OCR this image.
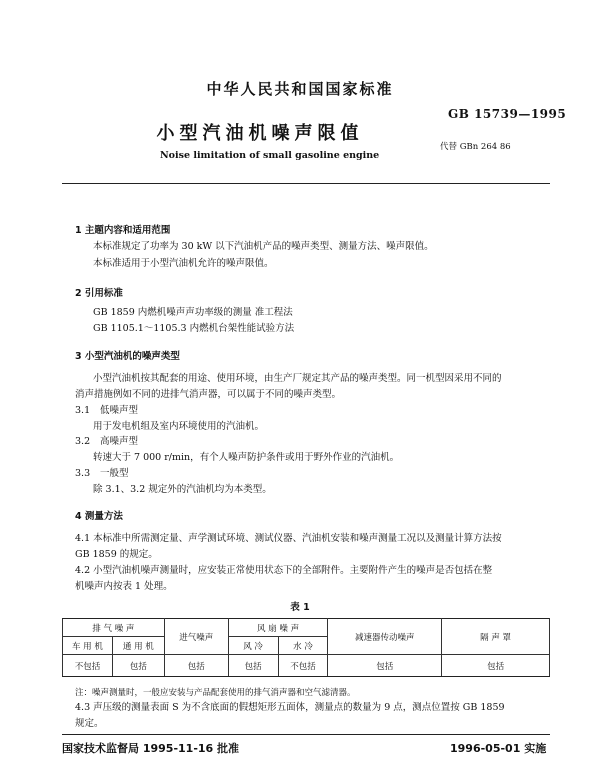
中华人民共和国国家标准
GB 15739—1995
小型汽油机噪声限值
代替 GBn 264 86
Noise limitation of small gasoline engine
1 主题内容和适用范围
本标准规定了功率为 30 kW 以下汽油机产品的噪声类型、测量方法、噪声限值。
本标准适用于小型汽油机允许的噪声限值。
2 引用标准
GB 1859 内燃机噪声声功率级的测量 准工程法
GB 1105.1～1105.3 内燃机台架性能试验方法
3 小型汽油机的噪声类型
小型汽油机按其配套的用途、使用环境，由生产厂规定其产品的噪声类型。同一机型因采用不同的
消声措施例如不同的进排气消声器，可以属于不同的噪声类型。
3.1 低噪声型
用于发电机组及室内环境使用的汽油机。
3.2 高噪声型
转速大于 7 000 r/min，有个人噪声防护条件或用于野外作业的汽油机。
3.3 一般型
除 3.1、3.2 规定外的汽油机均为本类型。
4 测量方法
4.1 本标准中所需测定量、声学测试环境、测试仪器、汽油机安装和噪声测量工况以及测量计算方法按
GB 1859 的规定。
4.2 小型汽油机噪声测量时，应安装正常使用状态下的全部附件。主要附件产生的噪声是否包括在整
机噪声内按表 1 处理。
表 1
排 气 噪 声		进气噪声	风 扇 噪 声		减速器传动噪声	隔 声 罩
车 用 机	通 用 机		风 冷	水 冷		
不包括	包括	包括	包括	不包括	包括	包括
注：噪声测量时，一般应安装与产品配套使用的排气消声器和空气滤清器。
4.3 声压级的测量表面 S 为不含底面的假想矩形五面体，测量点的数量为 9 点，测点位置按 GB 1859
规定。
国家技术监督局 1995-11-16 批准	1996-05-01 实施
